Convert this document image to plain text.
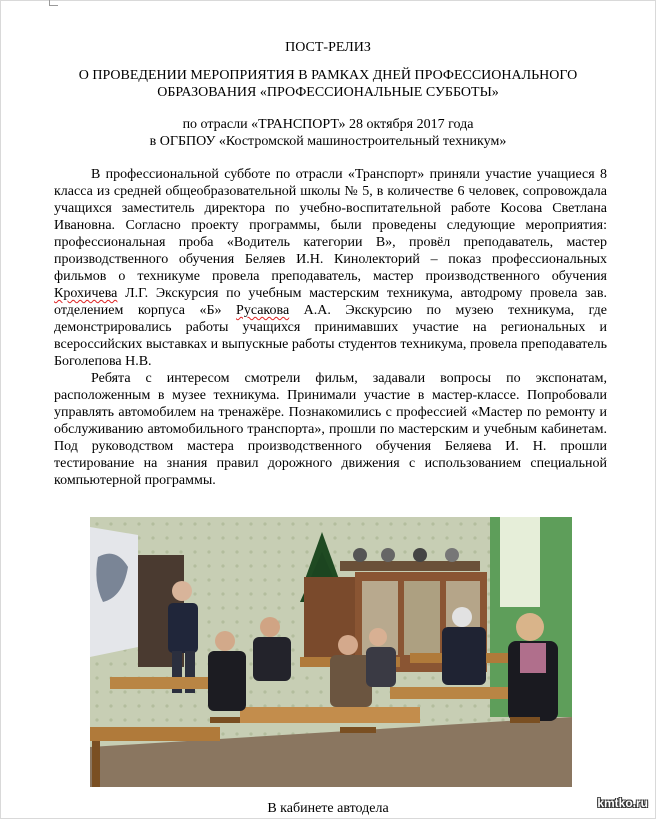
ПОСТ-РЕЛИЗ

О ПРОВЕДЕНИИ МЕРОПРИЯТИЯ В РАМКАХ ДНЕЙ ПРОФЕССИОНАЛЬНОГО
ОБРАЗОВАНИЯ «ПРОФЕССИОНАЛЬНЫЕ СУББОТЫ»

по отрасли «ТРАНСПОРТ» 28 октября 2017 года
в ОГБПОУ «Костромской машиностроительный техникум»

В профессиональной субботе по отрасли «Транспорт» приняли участие учащиеся 8 класса из средней общеобразовательной школы № 5, в количестве 6 человек, сопровождала учащихся заместитель директора по учебно-воспитательной работе Косова Светлана Ивановна. Согласно проекту программы, были проведены следующие мероприятия: профессиональная проба «Водитель категории В», провёл преподаватель, мастер производственного обучения Беляев И.Н. Кинолекторий – показ профессиональных фильмов о техникуме провела преподаватель, мастер производственного обучения Крохичева Л.Г. Экскурсия по учебным мастерским техникума, автодрому провела зав. отделением корпуса «Б» Русакова А.А. Экскурсию по музею техникума, где демонстрировались работы учащихся принимавших участие на региональных и всероссийских выставках и выпускные работы студентов техникума, провела преподаватель Боголепова Н.В.

Ребята с интересом смотрели фильм, задавали вопросы по экспонатам, расположенным в музее техникума. Принимали участие в мастер-классе. Попробовали управлять автомобилем на тренажёре. Познакомились с профессией «Мастер по ремонту и обслуживанию автомобильного транспорта», прошли по мастерским и учебным кабинетам. Под руководством мастера производственного обучения Беляева И. Н. прошли тестирование на знания правил дорожного движения с использованием специальной компьютерной программы.

В кабинете автодела	kmtko.ru
